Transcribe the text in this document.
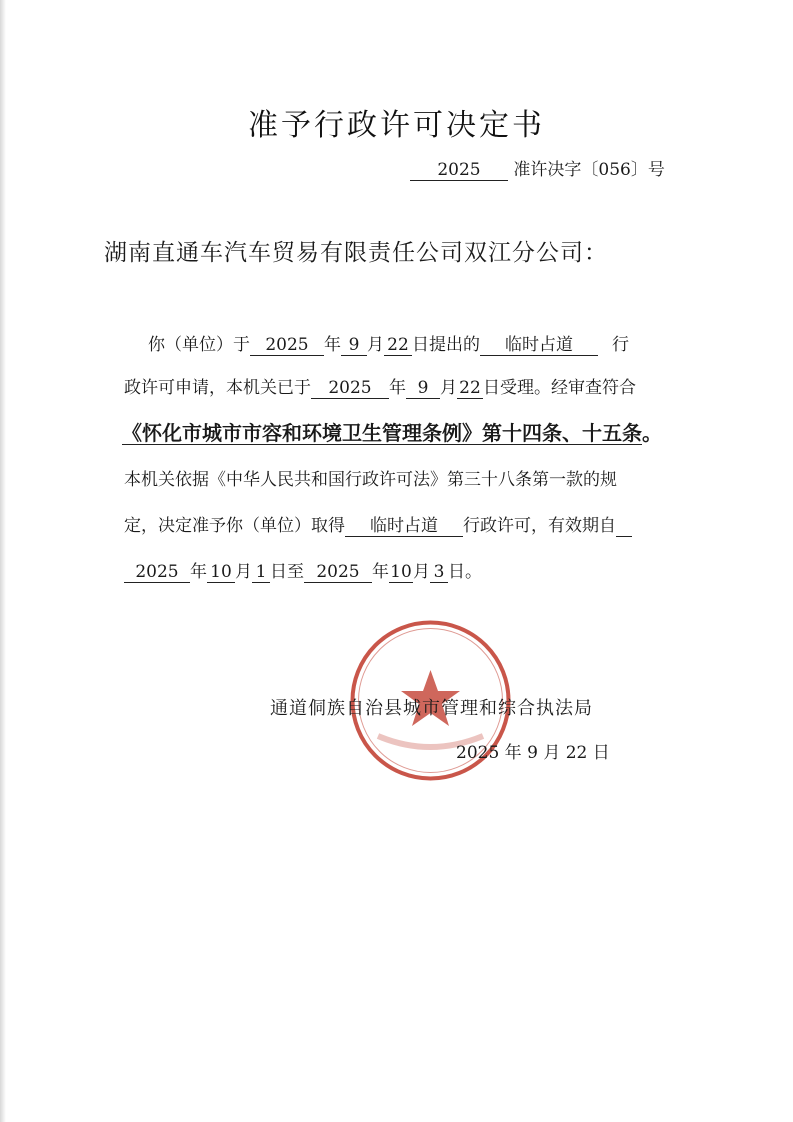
准予行政许可决定书
2025 准许决字〔056〕号
湖南直通车汽车贸易有限责任公司双江分公司：
你（单位）于 2025 年 9 月 22 日提出的 临时占道 行
政许可申请，本机关已于 2025 年 9 月 22 日受理。经审查符合
《怀化市城市市容和环境卫生管理条例》第十四条、十五条。
本机关依据《中华人民共和国行政许可法》第三十八条第一款的规
定，决定准予你（单位）取得 临时占道 行政许可，有效期自
2025 年 10 月 1 日至 2025 年10月 3 日。
通道侗族自治县城市管理和综合执法局
2025 年 9 月 22 日
